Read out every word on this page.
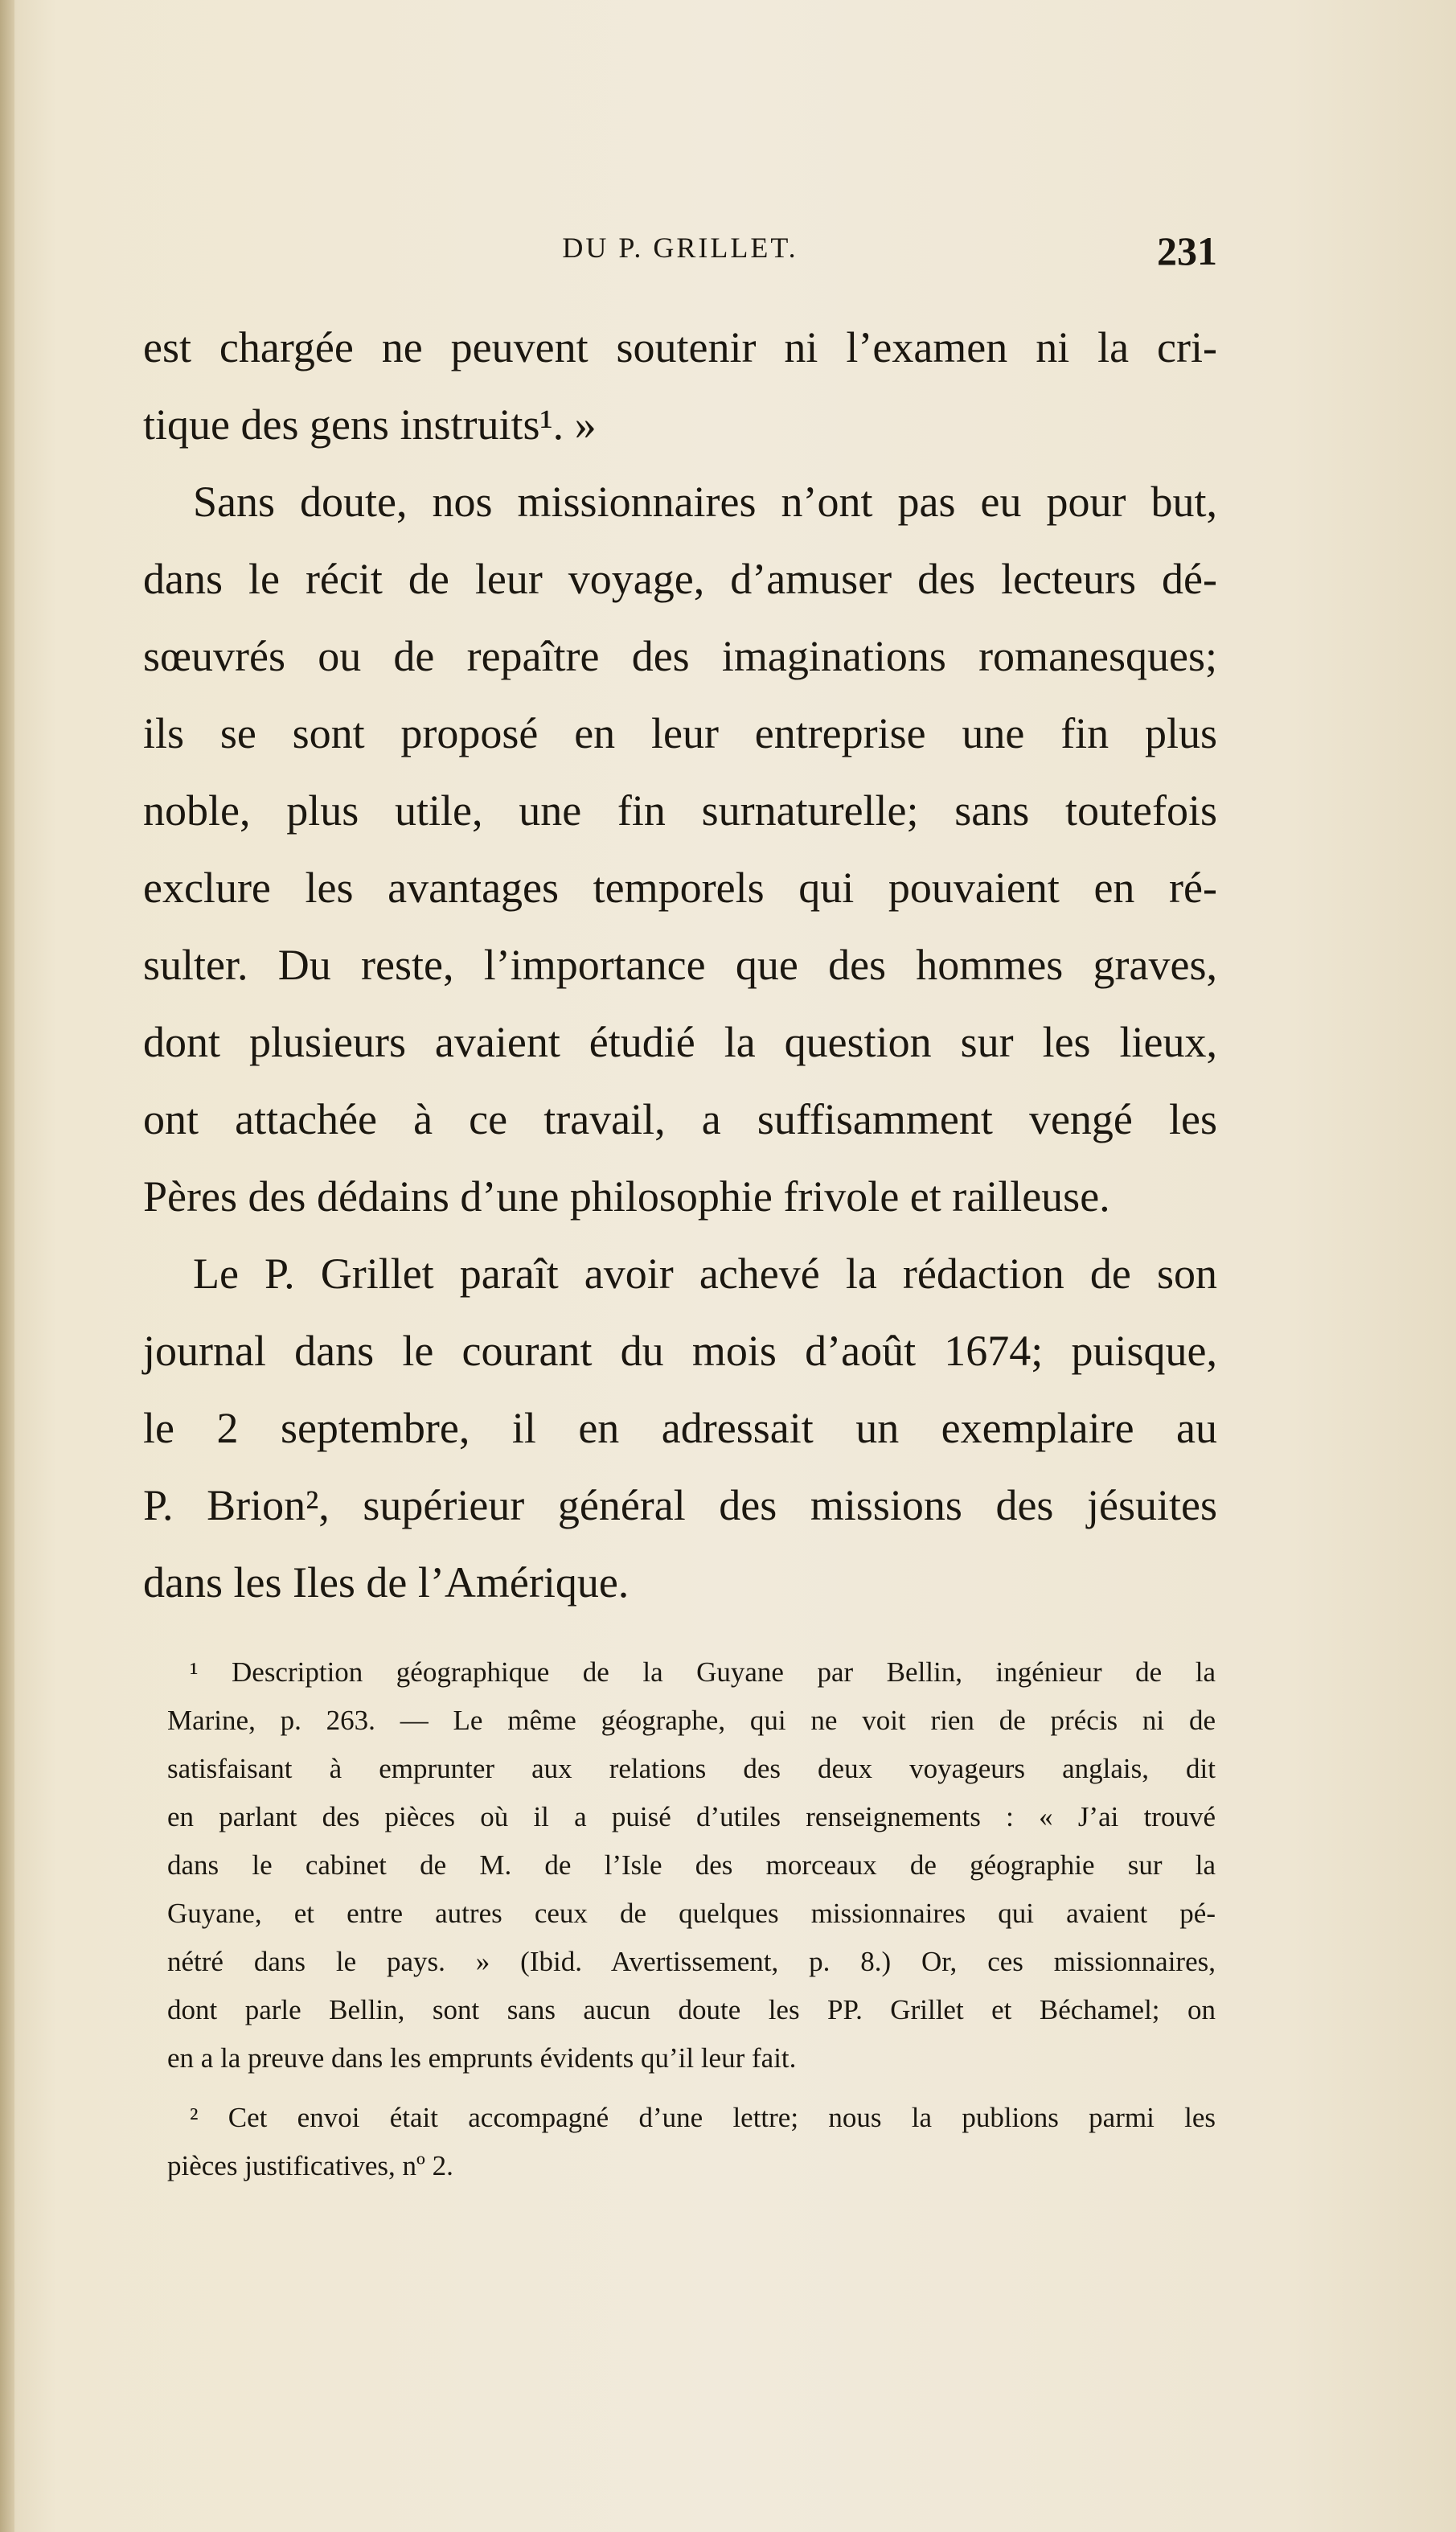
DU P. GRILLET.	231
est chargée ne peuvent soutenir ni l’examen ni la cri-
tique des gens instruits¹. »
Sans doute, nos missionnaires n’ont pas eu pour but,
dans le récit de leur voyage, d’amuser des lecteurs dé-
sœuvrés ou de repaître des imaginations romanesques;
ils se sont proposé en leur entreprise une fin plus
noble, plus utile, une fin surnaturelle; sans toutefois
exclure les avantages temporels qui pouvaient en ré-
sulter. Du reste, l’importance que des hommes graves,
dont plusieurs avaient étudié la question sur les lieux,
ont attachée à ce travail, a suffisamment vengé les
Pères des dédains d’une philosophie frivole et railleuse.
Le P. Grillet paraît avoir achevé la rédaction de son
journal dans le courant du mois d’août 1674; puisque,
le 2 septembre, il en adressait un exemplaire au
P. Brion², supérieur général des missions des jésuites
dans les Iles de l’Amérique.
¹ Description géographique de la Guyane par Bellin, ingénieur de la
Marine, p. 263. — Le même géographe, qui ne voit rien de précis ni de
satisfaisant à emprunter aux relations des deux voyageurs anglais, dit
en parlant des pièces où il a puisé d’utiles renseignements : « J’ai trouvé
dans le cabinet de M. de l’Isle des morceaux de géographie sur la
Guyane, et entre autres ceux de quelques missionnaires qui avaient pé-
nétré dans le pays. » (Ibid. Avertissement, p. 8.) Or, ces missionnaires,
dont parle Bellin, sont sans aucun doute les PP. Grillet et Béchamel; on
en a la preuve dans les emprunts évidents qu’il leur fait.
² Cet envoi était accompagné d’une lettre; nous la publions parmi les
pièces justificatives, nº 2.
